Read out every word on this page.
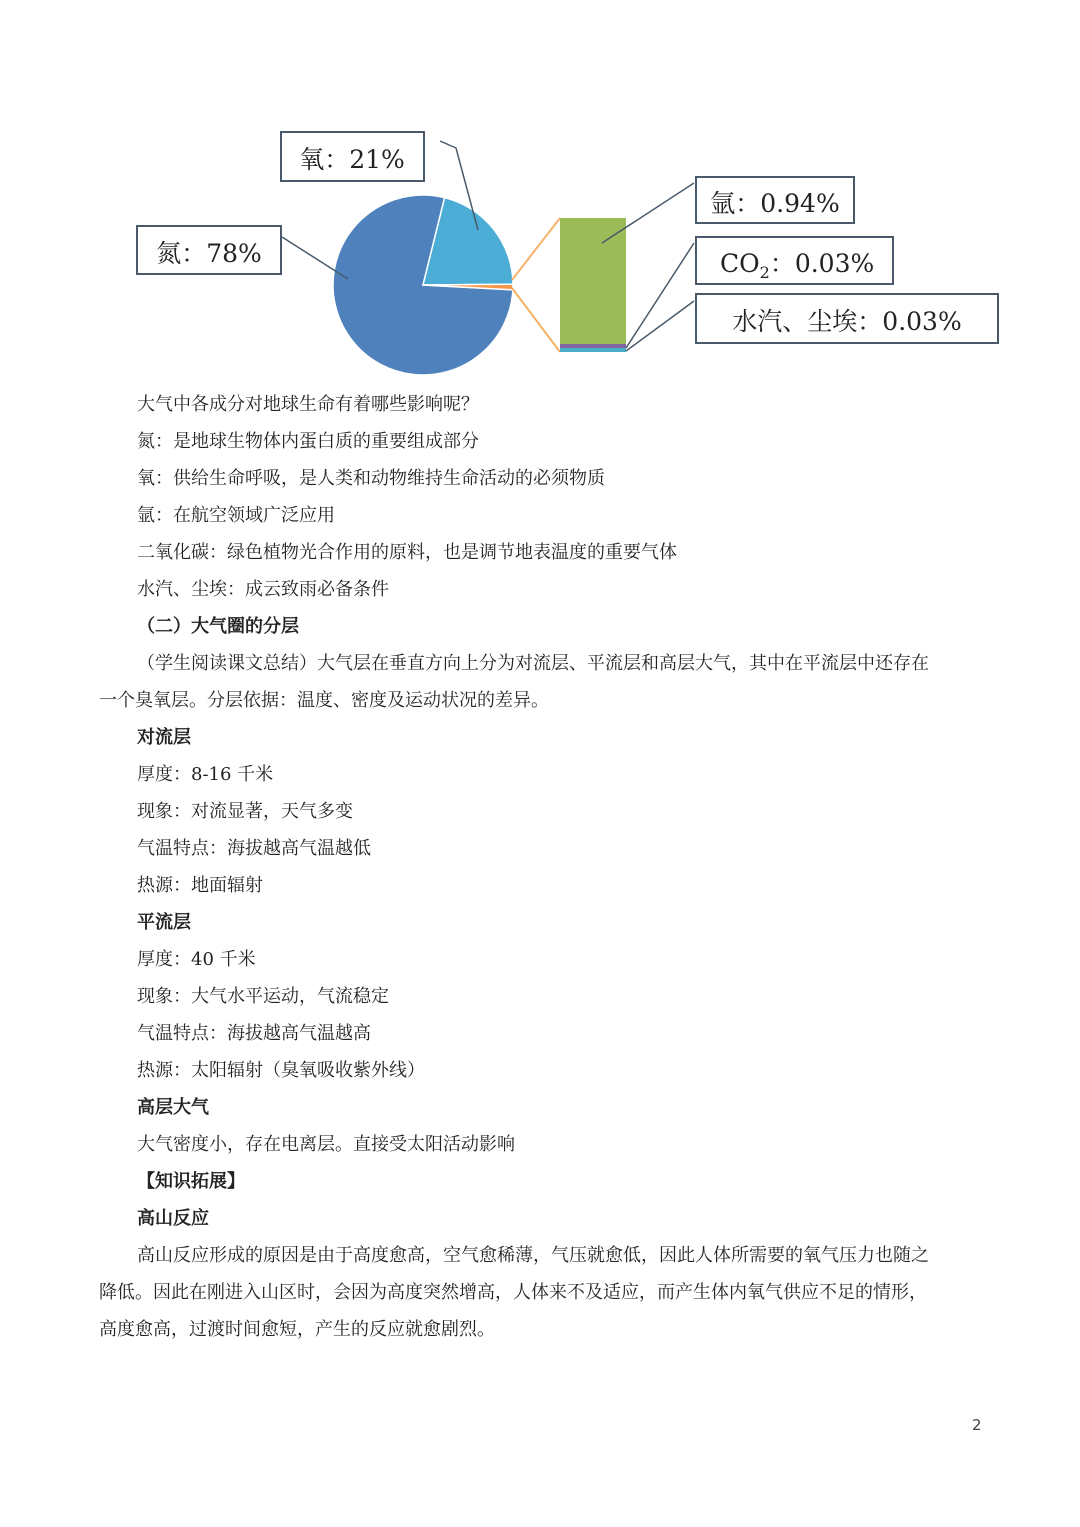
氧：21%
氮：78%
氩：0.94%
$CO_2$：0.03%
水汽、尘埃：0.03%
大气中各成分对地球生命有着哪些影响呢？
氮：是地球生物体内蛋白质的重要组成部分
氧：供给生命呼吸，是人类和动物维持生命活动的必须物质
氩：在航空领域广泛应用
二氧化碳：绿色植物光合作用的原料，也是调节地表温度的重要气体
水汽、尘埃：成云致雨必备条件
（二）大气圈的分层
（学生阅读课文总结）大气层在垂直方向上分为对流层、平流层和高层大气，其中在平流层中还存在
一个臭氧层。分层依据：温度、密度及运动状况的差异。
对流层
厚度：8-16 千米
现象：对流显著，天气多变
气温特点：海拔越高气温越低
热源：地面辐射
平流层
厚度：40 千米
现象：大气水平运动，气流稳定
气温特点：海拔越高气温越高
热源：太阳辐射（臭氧吸收紫外线）
高层大气
大气密度小，存在电离层。直接受太阳活动影响
【知识拓展】
高山反应
高山反应形成的原因是由于高度愈高，空气愈稀薄，气压就愈低，因此人体所需要的氧气压力也随之
降低。因此在刚进入山区时，会因为高度突然增高，人体来不及适应，而产生体内氧气供应不足的情形，
高度愈高，过渡时间愈短，产生的反应就愈剧烈。
2
